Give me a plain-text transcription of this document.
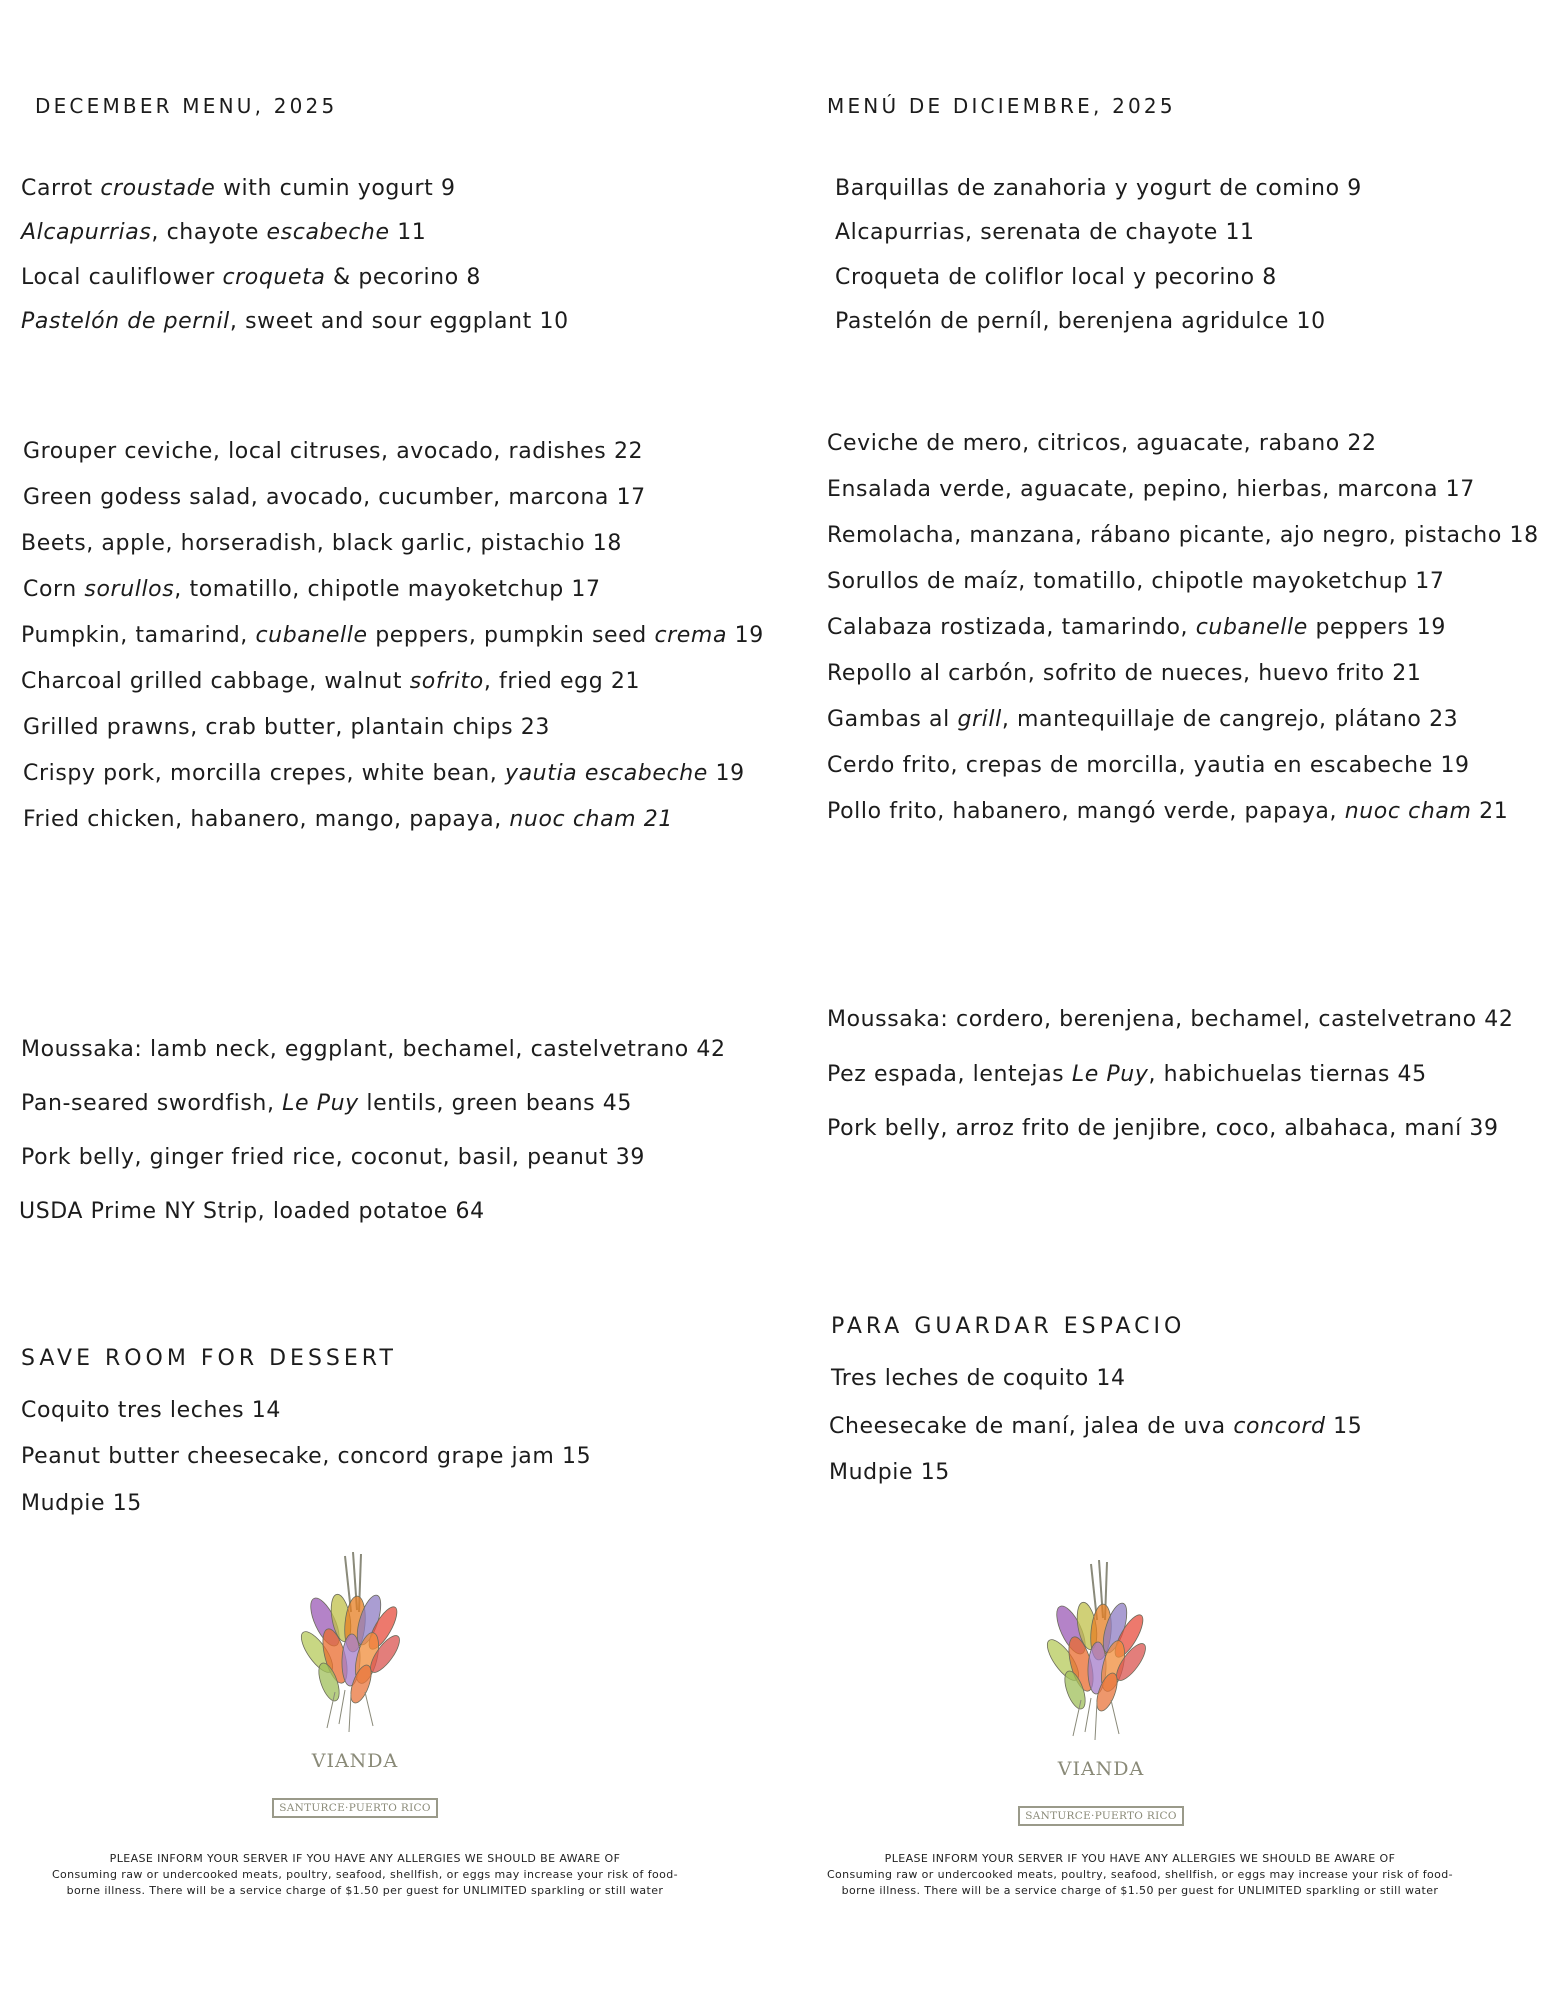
DECEMBER MENU, 2025
Carrot croustade with cumin yogurt 9
Alcapurrias, chayote escabeche 11
Local cauliflower croqueta & pecorino 8
Pastelón de pernil, sweet and sour eggplant 10
Grouper ceviche, local citruses, avocado, radishes 22
Green godess salad, avocado, cucumber, marcona 17
Beets, apple, horseradish, black garlic, pistachio 18
Corn sorullos, tomatillo, chipotle mayoketchup 17
Pumpkin, tamarind, cubanelle peppers, pumpkin seed crema 19
Charcoal grilled cabbage, walnut sofrito, fried egg 21
Grilled prawns, crab butter, plantain chips 23
Crispy pork, morcilla crepes, white bean, yautia escabeche 19
Fried chicken, habanero, mango, papaya, nuoc cham 21
Moussaka: lamb neck, eggplant, bechamel, castelvetrano 42
Pan-seared swordfish, Le Puy lentils, green beans 45
Pork belly, ginger fried rice, coconut, basil, peanut 39
USDA Prime NY Strip, loaded potatoe 64
SAVE ROOM FOR DESSERT
Coquito tres leches 14
Peanut butter cheesecake, concord grape jam 15
Mudpie 15
VIANDA
SANTURCE·PUERTO RICO
PLEASE INFORM YOUR SERVER IF YOU HAVE ANY ALLERGIES WE SHOULD BE AWARE OF
Consuming raw or undercooked meats, poultry, seafood, shellfish, or eggs may increase your risk of food-
borne illness. There will be a service charge of $1.50 per guest for UNLIMITED sparkling or still water
MENÚ DE DICIEMBRE, 2025
Barquillas de zanahoria y yogurt de comino 9
Alcapurrias, serenata de chayote 11
Croqueta de coliflor local y pecorino 8
Pastelón de perníl, berenjena agridulce 10
Ceviche de mero, citricos, aguacate, rabano 22
Ensalada verde, aguacate, pepino, hierbas, marcona 17
Remolacha, manzana, rábano picante, ajo negro, pistacho 18
Sorullos de maíz, tomatillo, chipotle mayoketchup 17
Calabaza rostizada, tamarindo, cubanelle peppers 19
Repollo al carbón, sofrito de nueces, huevo frito 21
Gambas al grill, mantequillaje de cangrejo, plátano 23
Cerdo frito, crepas de morcilla, yautia en escabeche 19
Pollo frito, habanero, mangó verde, papaya, nuoc cham 21
Moussaka: cordero, berenjena, bechamel, castelvetrano 42
Pez espada, lentejas Le Puy, habichuelas tiernas 45
Pork belly, arroz frito de jenjibre, coco, albahaca, maní 39
PARA GUARDAR ESPACIO
Tres leches de coquito 14
Cheesecake de maní, jalea de uva concord 15
Mudpie 15
VIANDA
SANTURCE·PUERTO RICO
PLEASE INFORM YOUR SERVER IF YOU HAVE ANY ALLERGIES WE SHOULD BE AWARE OF
Consuming raw or undercooked meats, poultry, seafood, shellfish, or eggs may increase your risk of food-
borne illness. There will be a service charge of $1.50 per guest for UNLIMITED sparkling or still water
